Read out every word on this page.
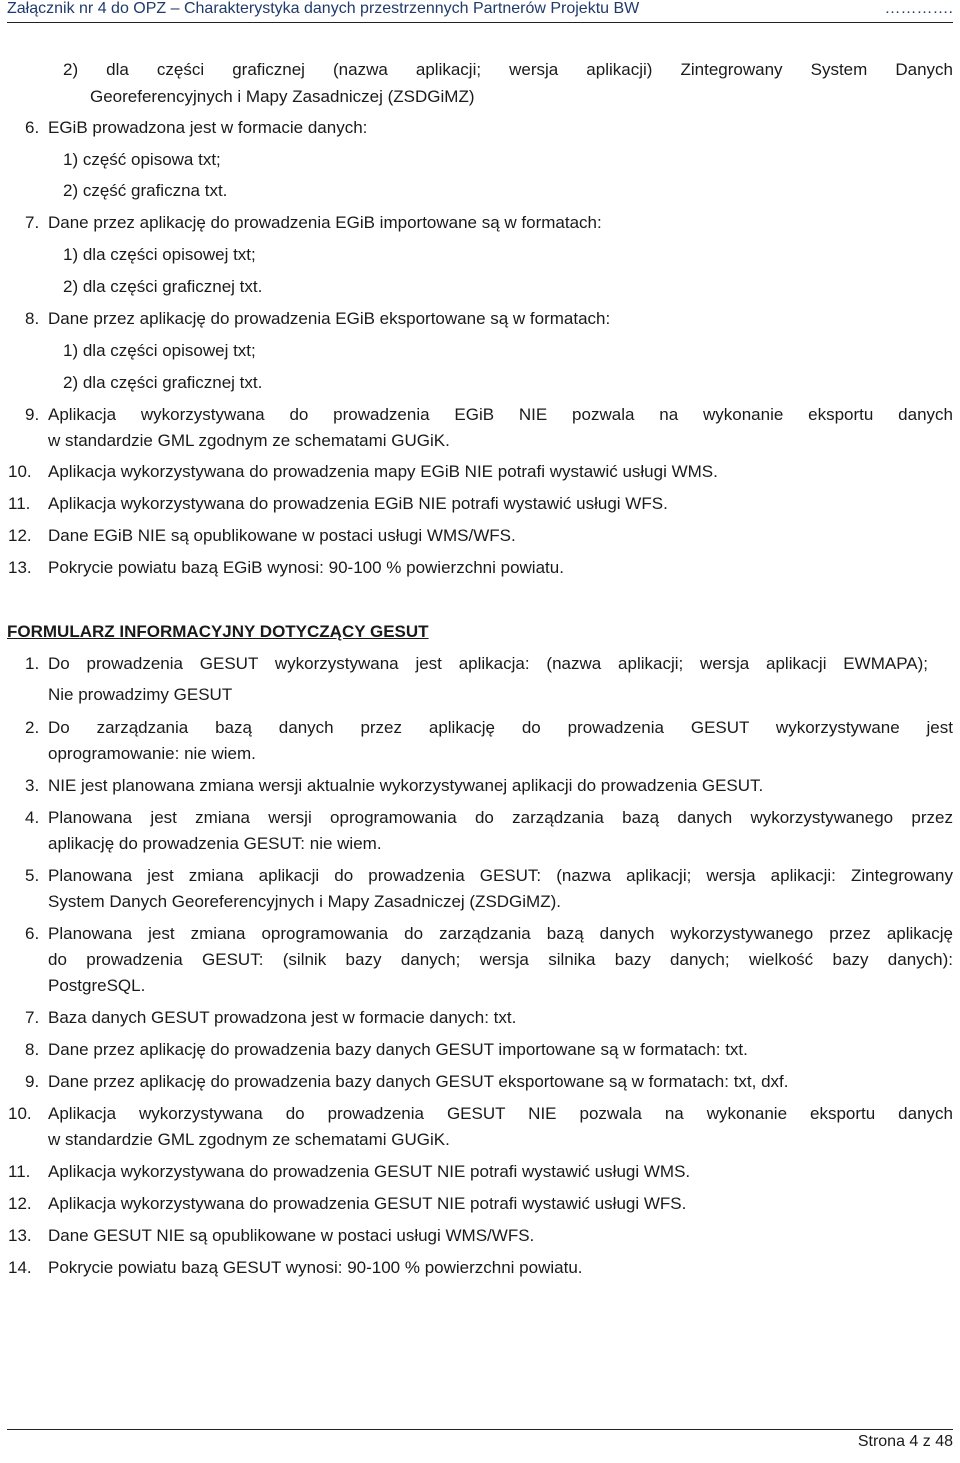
Załącznik nr 4 do OPZ – Charakterystyka danych przestrzennych Partnerów Projektu BW	………….
2) dla części graficznej (nazwa aplikacji; wersja aplikacji) Zintegrowany System Danych
Georeferencyjnych i Mapy Zasadniczej (ZSDGiMZ)
6. EGiB prowadzona jest w formacie danych:
1) część opisowa txt;
2) część graficzna txt.
7. Dane przez aplikację do prowadzenia EGiB importowane są w formatach:
1) dla części opisowej txt;
2) dla części graficznej txt.
8. Dane przez aplikację do prowadzenia EGiB eksportowane są w formatach:
1) dla części opisowej txt;
2) dla części graficznej txt.
9. Aplikacja wykorzystywana do prowadzenia EGiB NIE pozwala na wykonanie eksportu danych
w standardzie GML zgodnym ze schematami GUGiK.
10. Aplikacja wykorzystywana do prowadzenia mapy EGiB NIE potrafi wystawić usługi WMS.
11. Aplikacja wykorzystywana do prowadzenia EGiB NIE potrafi wystawić usługi WFS.
12. Dane EGiB NIE są opublikowane w postaci usługi WMS/WFS.
13. Pokrycie powiatu bazą EGiB wynosi: 90-100 % powierzchni powiatu.
FORMULARZ INFORMACYJNY DOTYCZĄCY GESUT
1. Do prowadzenia GESUT wykorzystywana jest aplikacja: (nazwa aplikacji; wersja aplikacji EWMAPA);
Nie prowadzimy GESUT
2. Do zarządzania bazą danych przez aplikację do prowadzenia GESUT wykorzystywane jest
oprogramowanie: nie wiem.
3. NIE jest planowana zmiana wersji aktualnie wykorzystywanej aplikacji do prowadzenia GESUT.
4. Planowana jest zmiana wersji oprogramowania do zarządzania bazą danych wykorzystywanego przez
aplikację do prowadzenia GESUT: nie wiem.
5. Planowana jest zmiana aplikacji do prowadzenia GESUT: (nazwa aplikacji; wersja aplikacji: Zintegrowany
System Danych Georeferencyjnych i Mapy Zasadniczej (ZSDGiMZ).
6. Planowana jest zmiana oprogramowania do zarządzania bazą danych wykorzystywanego przez aplikację
do prowadzenia GESUT: (silnik bazy danych; wersja silnika bazy danych; wielkość bazy danych):
PostgreSQL.
7. Baza danych GESUT prowadzona jest w formacie danych: txt.
8. Dane przez aplikację do prowadzenia bazy danych GESUT importowane są w formatach: txt.
9. Dane przez aplikację do prowadzenia bazy danych GESUT eksportowane są w formatach: txt, dxf.
10. Aplikacja wykorzystywana do prowadzenia GESUT NIE pozwala na wykonanie eksportu danych
w standardzie GML zgodnym ze schematami GUGiK.
11. Aplikacja wykorzystywana do prowadzenia GESUT NIE potrafi wystawić usługi WMS.
12. Aplikacja wykorzystywana do prowadzenia GESUT NIE potrafi wystawić usługi WFS.
13. Dane GESUT NIE są opublikowane w postaci usługi WMS/WFS.
14. Pokrycie powiatu bazą GESUT wynosi: 90-100 % powierzchni powiatu.
Strona 4 z 48
